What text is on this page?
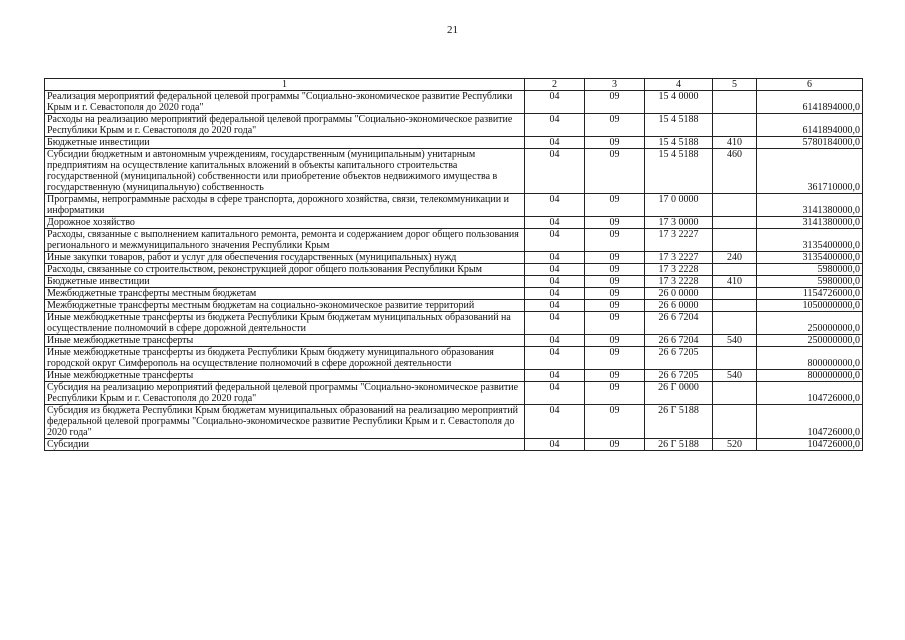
21
1	2	3	4	5	6
Реализация мероприятий федеральной целевой программы "Социально-экономическое развитие Республики Крым и г. Севастополя до 2020 года"	04	09	15 4 0000		6141894000,0
Расходы на реализацию мероприятий федеральной целевой программы "Социально-экономическое развитие Республики Крым и г. Севастополя до 2020 года"	04	09	15 4 5188		6141894000,0
Бюджетные инвестиции	04	09	15 4 5188	410	5780184000,0
Субсидии бюджетным и автономным учреждениям, государственным (муниципальным) унитарным предприятиям на осуществление капитальных вложений в объекты капитального строительства государственной (муниципальной) собственности или приобретение объектов недвижимого имущества в государственную (муниципальную) собственность	04	09	15 4 5188	460	361710000,0
Программы, непрограммные расходы в сфере транспорта, дорожного хозяйства, связи, телекоммуникации и информатики	04	09	17 0 0000		3141380000,0
Дорожное хозяйство	04	09	17 3 0000		3141380000,0
Расходы, связанные с выполнением капитального ремонта, ремонта и содержанием дорог общего пользования регионального и межмуниципального значения Республики Крым	04	09	17 3 2227		3135400000,0
Иные закупки товаров, работ и услуг для обеспечения государственных (муниципальных) нужд	04	09	17 3 2227	240	3135400000,0
Расходы, связанные со строительством, реконструкцией дорог общего пользования Республики Крым	04	09	17 3 2228		5980000,0
Бюджетные инвестиции	04	09	17 3 2228	410	5980000,0
Межбюджетные трансферты местным бюджетам	04	09	26 0 0000		1154726000,0
Межбюджетные трансферты местным бюджетам на социально-экономическое развитие территорий	04	09	26 6 0000		1050000000,0
Иные межбюджетные трансферты из бюджета Республики Крым бюджетам муниципальных образований на осуществление полномочий в сфере дорожной деятельности	04	09	26 6 7204		250000000,0
Иные межбюджетные трансферты	04	09	26 6 7204	540	250000000,0
Иные межбюджетные трансферты из бюджета Республики Крым бюджету муниципального образования городской округ Симферополь на осуществление полномочий в сфере дорожной деятельности	04	09	26 6 7205		800000000,0
Иные межбюджетные трансферты	04	09	26 6 7205	540	800000000,0
Субсидия на реализацию мероприятий федеральной целевой программы "Социально-экономическое развитие Республики Крым и г. Севастополя до 2020 года"	04	09	26 Г 0000		104726000,0
Субсидия из бюджета Республики Крым бюджетам муниципальных образований на реализацию мероприятий федеральной целевой программы "Социально-экономическое развитие Республики Крым и г. Севастополя до 2020 года"	04	09	26 Г 5188		104726000,0
Субсидии	04	09	26 Г 5188	520	104726000,0
